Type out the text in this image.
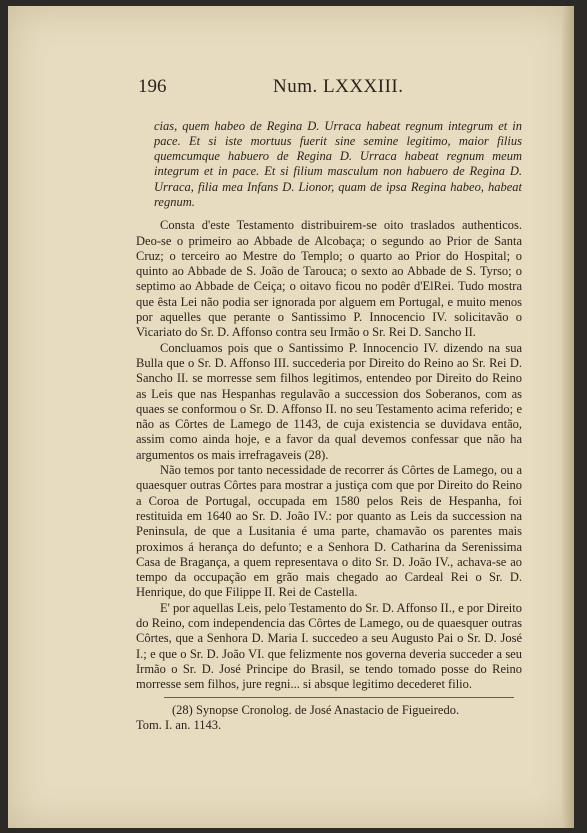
196	Num. LXXXIII.

cias, quem habeo de Regina D. Urraca habeat regnum integrum et in pace. Et si iste mortuus fuerit sine semine legitimo, maior filius quemcumque habuero de Regina D. Urraca habeat regnum meum integrum et in pace. Et si filium masculum non habuero de Regina D. Urraca, filia mea Infans D. Lionor, quam de ipsa Regina habeo, habeat regnum.

Consta d'este Testamento distribuirem-se oito traslados authenticos. Deo-se o primeiro ao Abbade de Alcobaça; o segundo ao Prior de Santa Cruz; o terceiro ao Mestre do Templo; o quarto ao Prior do Hospital; o quinto ao Abbade de S. João de Tarouca; o sexto ao Abbade de S. Tyrso; o septimo ao Abbade de Ceiça; o oitavo ficou no podêr d'ElRei. Tudo mostra que êsta Lei não podia ser ignorada por alguem em Portugal, e muito menos por aquelles que perante o Santissimo P. Innocencio IV. solicitavão o Vicariato do Sr. D. Affonso contra seu Irmão o Sr. Rei D. Sancho II.

Concluamos pois que o Santissimo P. Innocencio IV. dizendo na sua Bulla que o Sr. D. Affonso III. succederia por Direito do Reino ao Sr. Rei D. Sancho II. se morresse sem filhos legitimos, entendeo por Direito do Reino as Leis que nas Hespanhas regulavão a succession dos Soberanos, com as quaes se conformou o Sr. D. Affonso II. no seu Testamento acima referido; e não as Côrtes de Lamego de 1143, de cuja existencia se duvidava então, assim como ainda hoje, e a favor da qual devemos confessar que não ha argumentos os mais irrefragaveis (28).

Não temos por tanto necessidade de recorrer ás Côrtes de Lamego, ou a quaesquer outras Côrtes para mostrar a justiça com que por Direito do Reino a Coroa de Portugal, occupada em 1580 pelos Reis de Hespanha, foi restituida em 1640 ao Sr. D. João IV.: por quanto as Leis da succession na Peninsula, de que a Lusitania é uma parte, chamavão os parentes mais proximos á herança do defunto; e a Senhora D. Catharina da Serenissima Casa de Bragança, a quem representava o dito Sr. D. João IV., achava-se ao tempo da occupação em grão mais chegado ao Cardeal Rei o Sr. D. Henrique, do que Filippe II. Rei de Castella.

E' por aquellas Leis, pelo Testamento do Sr. D. Affonso II., e por Direito do Reino, com independencia das Côrtes de Lamego, ou de quaesquer outras Côrtes, que a Senhora D. Maria I. succedeo a seu Augusto Pai o Sr. D. José I.; e que o Sr. D. João VI. que felizmente nos governa deveria succeder a seu Irmão o Sr. D. José Principe do Brasil, se tendo tomado posse do Reino morresse sem filhos, jure regni... si absque legitimo decederet filio.

(28) Synopse Cronolog. de José Anastacio de Figueiredo.

Tom. I. an. 1143.
